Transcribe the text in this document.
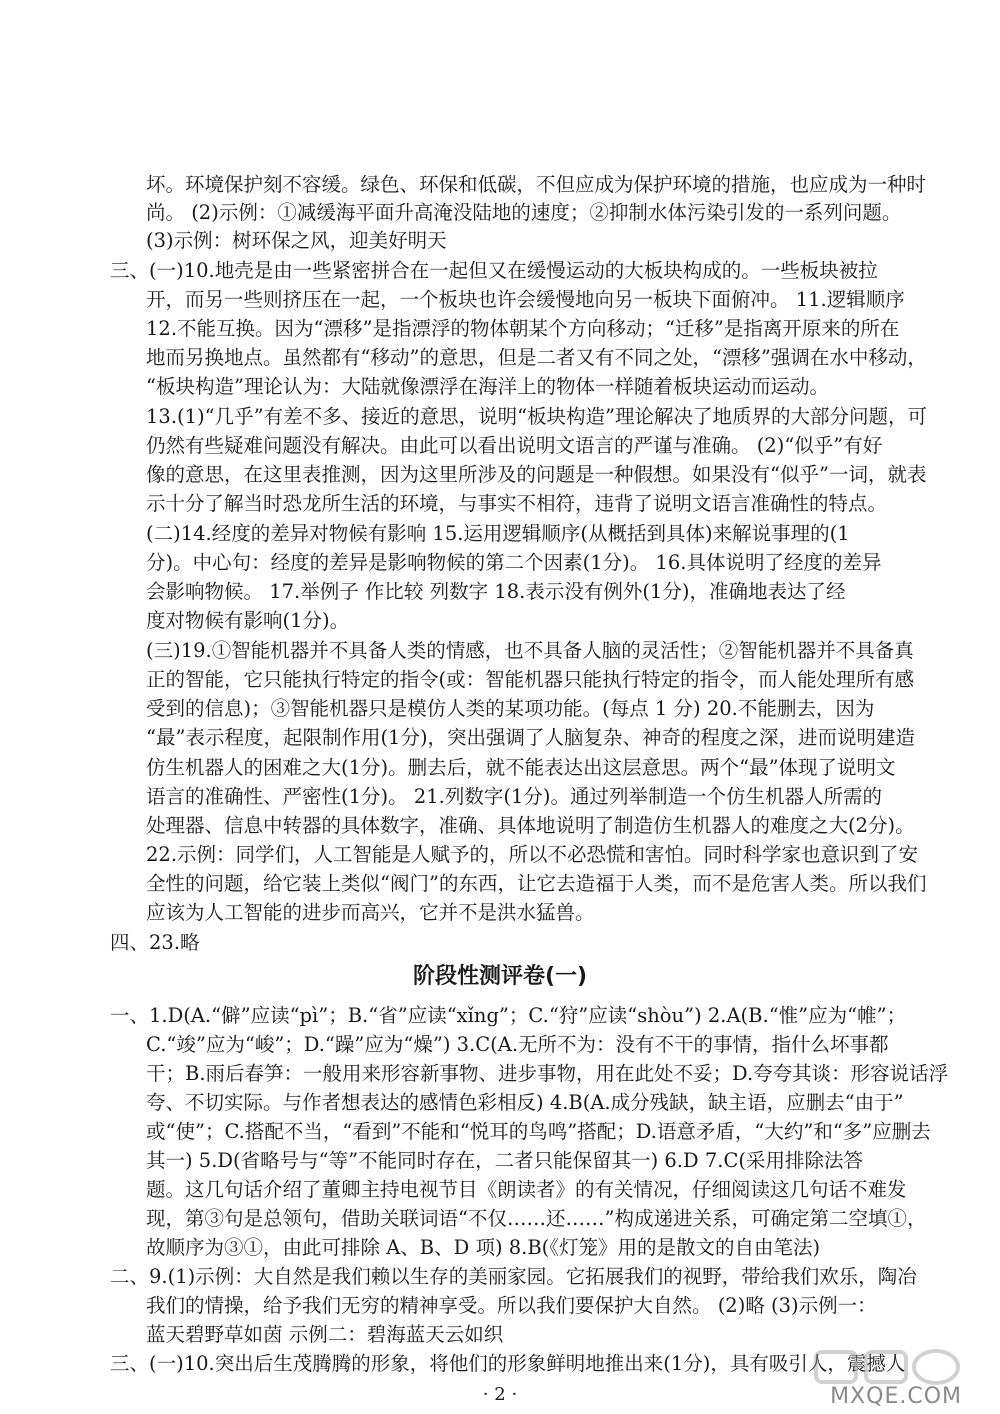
坏。环境保护刻不容缓。绿色、环保和低碳，不但应成为保护环境的措施，也应成为一种时
尚。 (2)示例：①减缓海平面升高淹没陆地的速度；②抑制水体污染引发的一系列问题。
(3)示例：树环保之风，迎美好明天
三、(一)10.地壳是由一些紧密拼合在一起但又在缓慢运动的大板块构成的。一些板块被拉
开，而另一些则挤压在一起，一个板块也许会缓慢地向另一板块下面俯冲。 11.逻辑顺序
12.不能互换。因为“漂移”是指漂浮的物体朝某个方向移动；“迁移”是指离开原来的所在
地而另换地点。虽然都有“移动”的意思，但是二者又有不同之处，“漂移”强调在水中移动，
“板块构造”理论认为：大陆就像漂浮在海洋上的物体一样随着板块运动而运动。
13.(1)“几乎”有差不多、接近的意思，说明“板块构造”理论解决了地质界的大部分问题，可
仍然有些疑难问题没有解决。由此可以看出说明文语言的严谨与准确。 (2)“似乎”有好
像的意思，在这里表推测，因为这里所涉及的问题是一种假想。如果没有“似乎”一词，就表
示十分了解当时恐龙所生活的环境，与事实不相符，违背了说明文语言准确性的特点。
(二)14.经度的差异对物候有影响 15.运用逻辑顺序(从概括到具体)来解说事理的(1
分)。中心句：经度的差异是影响物候的第二个因素(1分)。 16.具体说明了经度的差异
会影响物候。 17.举例子 作比较 列数字 18.表示没有例外(1分)，准确地表达了经
度对物候有影响(1分)。
(三)19.①智能机器并不具备人类的情感，也不具备人脑的灵活性；②智能机器并不具备真
正的智能，它只能执行特定的指令(或：智能机器只能执行特定的指令，而人能处理所有感
受到的信息)；③智能机器只是模仿人类的某项功能。(每点 1 分) 20.不能删去，因为
“最”表示程度，起限制作用(1分)，突出强调了人脑复杂、神奇的程度之深，进而说明建造
仿生机器人的困难之大(1分)。删去后，就不能表达出这层意思。两个“最”体现了说明文
语言的准确性、严密性(1分)。 21.列数字(1分)。通过列举制造一个仿生机器人所需的
处理器、信息中转器的具体数字，准确、具体地说明了制造仿生机器人的难度之大(2分)。
22.示例：同学们，人工智能是人赋予的，所以不必恐慌和害怕。同时科学家也意识到了安
全性的问题，给它装上类似“阀门”的东西，让它去造福于人类，而不是危害人类。所以我们
应该为人工智能的进步而高兴，它并不是洪水猛兽。
四、23.略
阶段性测评卷(一)
一、1.D(A.“僻”应读“pì”；B.“省”应读“xǐng”；C.“狩”应读“shòu”) 2.A(B.“惟”应为“帷”；
C.“竣”应为“峻”；D.“躁”应为“燥”) 3.C(A.无所不为：没有不干的事情，指什么坏事都
干；B.雨后春笋：一般用来形容新事物、进步事物，用在此处不妥；D.夸夸其谈：形容说话浮
夸、不切实际。与作者想表达的感情色彩相反) 4.B(A.成分残缺，缺主语，应删去“由于”
或“使”；C.搭配不当，“看到”不能和“悦耳的鸟鸣”搭配；D.语意矛盾，“大约”和“多”应删去
其一) 5.D(省略号与“等”不能同时存在，二者只能保留其一) 6.D 7.C(采用排除法答
题。这几句话介绍了董卿主持电视节目《朗读者》的有关情况，仔细阅读这几句话不难发
现，第③句是总领句，借助关联词语“不仅……还……”构成递进关系，可确定第二空填①，
故顺序为③①，由此可排除 A、B、D 项) 8.B(《灯笼》用的是散文的自由笔法)
二、9.(1)示例：大自然是我们赖以生存的美丽家园。它拓展我们的视野，带给我们欢乐，陶冶
我们的情操，给予我们无穷的精神享受。所以我们要保护大自然。 (2)略 (3)示例一：
蓝天碧野草如茵 示例二：碧海蓝天云如织
三、(一)10.突出后生茂腾腾的形象，将他们的形象鲜明地推出来(1分)，具有吸引人，震撼人
· 2 ·	MXQE.COM
